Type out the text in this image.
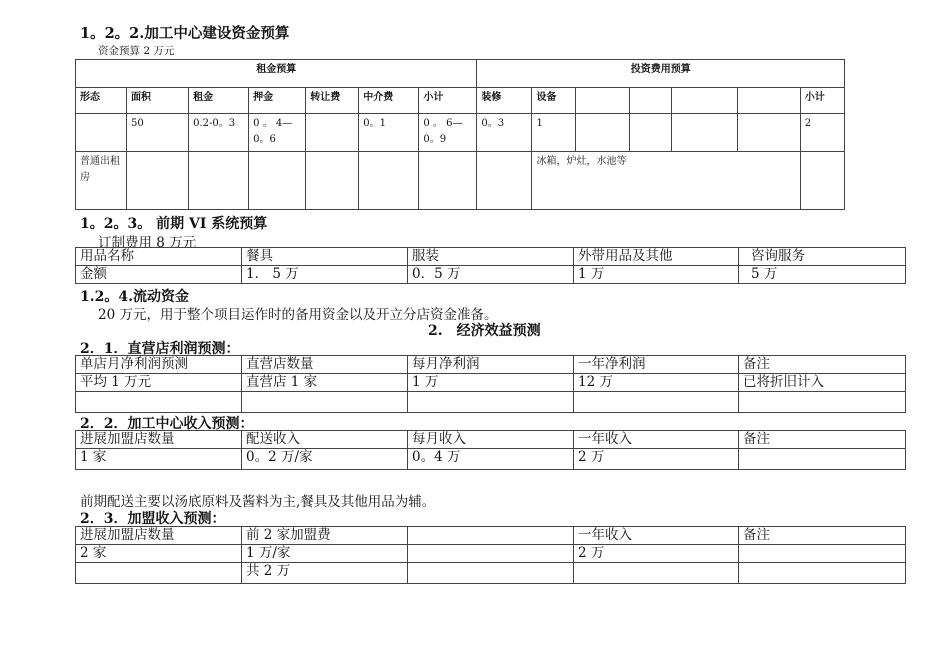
1。2。2.加工中心建设资金预算
资金预算 2 万元
租金预算							投资费用预算						
形态	面积	租金	押金	转让费	中介费	小计	装修	设备					小计
	50	0.2-0。3	0 。 4—0。6		0。1	0 。 6—0。9	0。3	1					2
普通出租房								冰箱，炉灶，水池等					
1。2。3。 前期 VI 系统预算
订制费用 8 万元
用品名称	餐具	服装	外带用品及其他	咨询服务
金额	1． 5 万	0．5 万	1 万	5 万
1.2。4.流动资金
20 万元，用于整个项目运作时的备用资金以及开立分店资金准备。
2.　经济效益预测
2．1．直营店利润预测：
单店月净利润预测	直营店数量	每月净利润	一年净利润	备注
平均 1 万元	直营店 1 家	1 万	12 万	已将折旧计入

2．2．加工中心收入预测：
进展加盟店数量	配送收入	每月收入	一年收入	备注
1 家	0。2 万/家	0。4 万	2 万	
前期配送主要以汤底原料及酱料为主,餐具及其他用品为辅。
2．3．加盟收入预测：
进展加盟店数量	前 2 家加盟费		一年收入	备注
2 家	1 万/家		2 万	
	共 2 万			
